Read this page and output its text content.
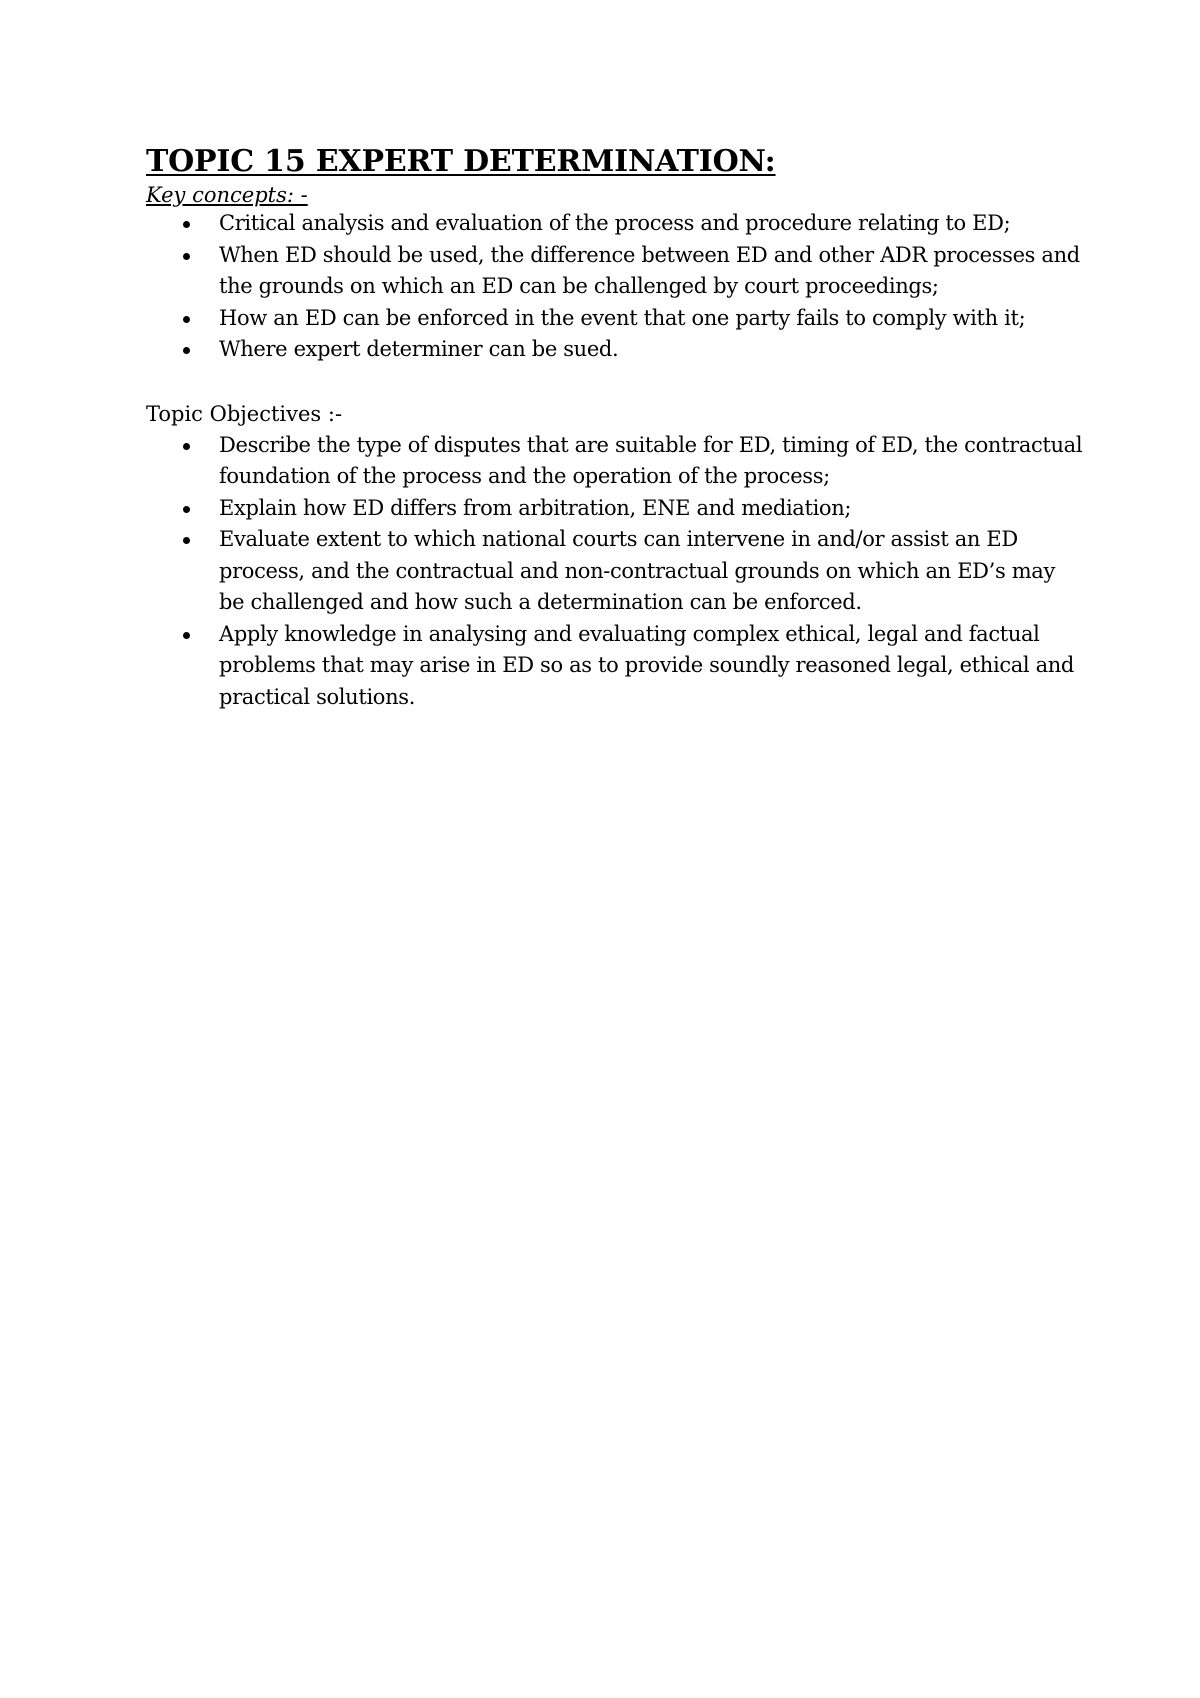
TOPIC 15 EXPERT DETERMINATION:

Key concepts: -

Critical analysis and evaluation of the process and procedure relating to ED;
When ED should be used, the difference between ED and other ADR processes and the grounds on which an ED can be challenged by court proceedings;
How an ED can be enforced in the event that one party fails to comply with it;
Where expert determiner can be sued.

Topic Objectives :-

Describe the type of disputes that are suitable for ED, timing of ED, the contractual foundation of the process and the operation of the process;
Explain how ED differs from arbitration, ENE and mediation;
Evaluate extent to which national courts can intervene in and/or assist an ED process, and the contractual and non-contractual grounds on which an ED’s may be challenged and how such a determination can be enforced.
Apply knowledge in analysing and evaluating complex ethical, legal and factual problems that may arise in ED so as to provide soundly reasoned legal, ethical and practical solutions.
